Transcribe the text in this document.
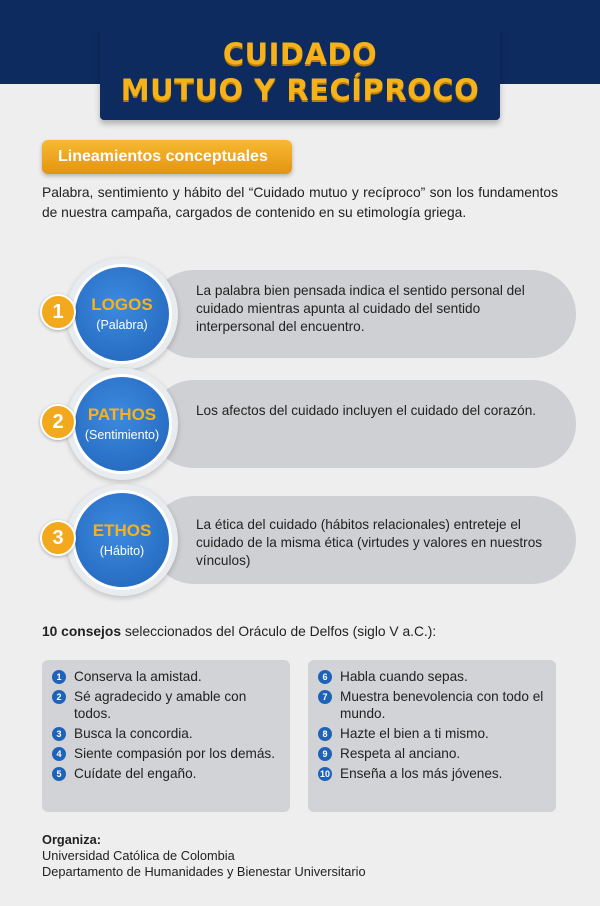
CUIDADO
MUTUO Y RECÍPROCO
Lineamientos conceptuales

Palabra, sentimiento y hábito del “Cuidado mutuo y recíproco” son los fundamentos de nuestra campaña, cargados de contenido en su etimología griega.

La palabra bien pensada indica el sentido personal del cuidado mientras apunta al cuidado del sentido interpersonal del encuentro.
LOGOS
(Palabra)
1
Los afectos del cuidado incluyen el cuidado del corazón.
PATHOS
(Sentimiento)
2
La ética del cuidado (hábitos relacionales) entreteje el cuidado de la misma ética (virtudes y valores en nuestros vínculos)
ETHOS
(Hábito)
3

10 consejos seleccionados del Oráculo de Delfos (siglo V a.C.):

1 Conserva la amistad.
2 Sé agradecido y amable con todos.
3 Busca la concordia.
4 Siente compasión por los demás.
5 Cuídate del engaño.
6 Habla cuando sepas.
7 Muestra benevolencia con todo el mundo.
8 Hazte el bien a ti mismo.
9 Respeta al anciano.
10 Enseña a los más jóvenes.
Organiza:
Universidad Católica de Colombia
Departamento de Humanidades y Bienestar Universitario
